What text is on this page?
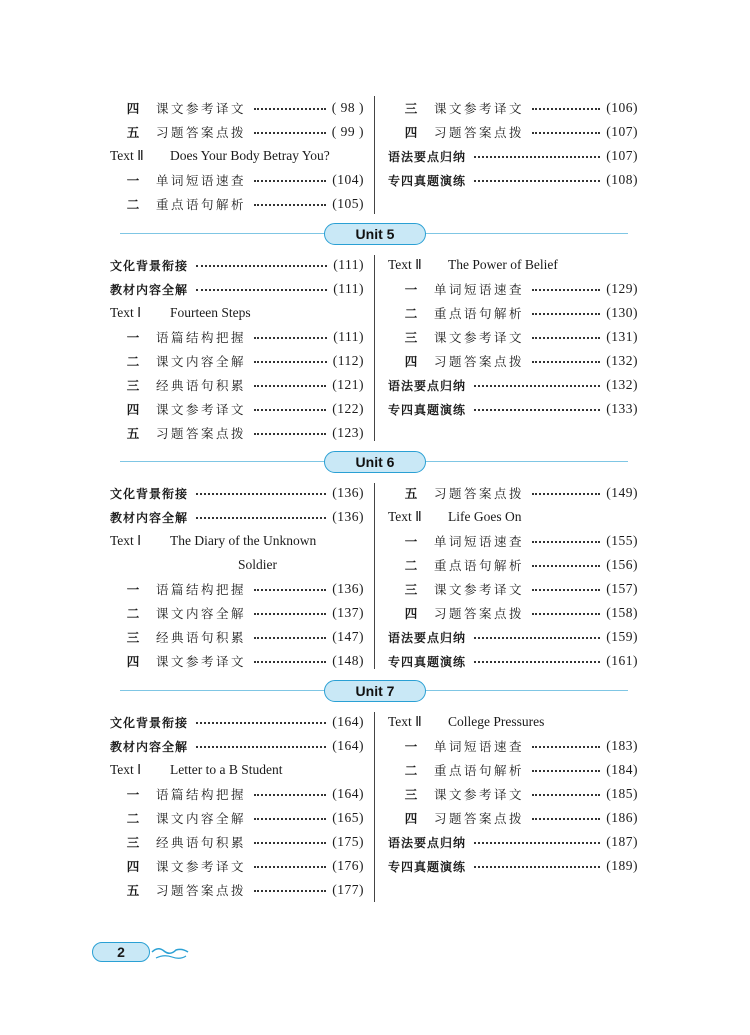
四	课文参考译文	( 98 )
五	习题答案点拨	( 99 )
Text Ⅱ	Does Your Body Betray You?
一	单词短语速查	(104)
二	重点语句解析	(105)
三	课文参考译文	(106)
四	习题答案点拨	(107)
语法要点归纳	(107)
专四真题演练	(108)
Unit 5
文化背景衔接	(111)
教材内容全解	(111)
Text Ⅰ	Fourteen Steps
一	语篇结构把握	(111)
二	课文内容全解	(112)
三	经典语句积累	(121)
四	课文参考译文	(122)
五	习题答案点拨	(123)
Text Ⅱ	The Power of Belief
一	单词短语速查	(129)
二	重点语句解析	(130)
三	课文参考译文	(131)
四	习题答案点拨	(132)
语法要点归纳	(132)
专四真题演练	(133)
Unit 6
文化背景衔接	(136)
教材内容全解	(136)
Text Ⅰ	The Diary of the Unknown
Soldier
一	语篇结构把握	(136)
二	课文内容全解	(137)
三	经典语句积累	(147)
四	课文参考译文	(148)
五	习题答案点拨	(149)
Text Ⅱ	Life Goes On
一	单词短语速查	(155)
二	重点语句解析	(156)
三	课文参考译文	(157)
四	习题答案点拨	(158)
语法要点归纳	(159)
专四真题演练	(161)
Unit 7
文化背景衔接	(164)
教材内容全解	(164)
Text Ⅰ	Letter to a B Student
一	语篇结构把握	(164)
二	课文内容全解	(165)
三	经典语句积累	(175)
四	课文参考译文	(176)
五	习题答案点拨	(177)
Text Ⅱ	College Pressures
一	单词短语速查	(183)
二	重点语句解析	(184)
三	课文参考译文	(185)
四	习题答案点拨	(186)
语法要点归纳	(187)
专四真题演练	(189)
2
